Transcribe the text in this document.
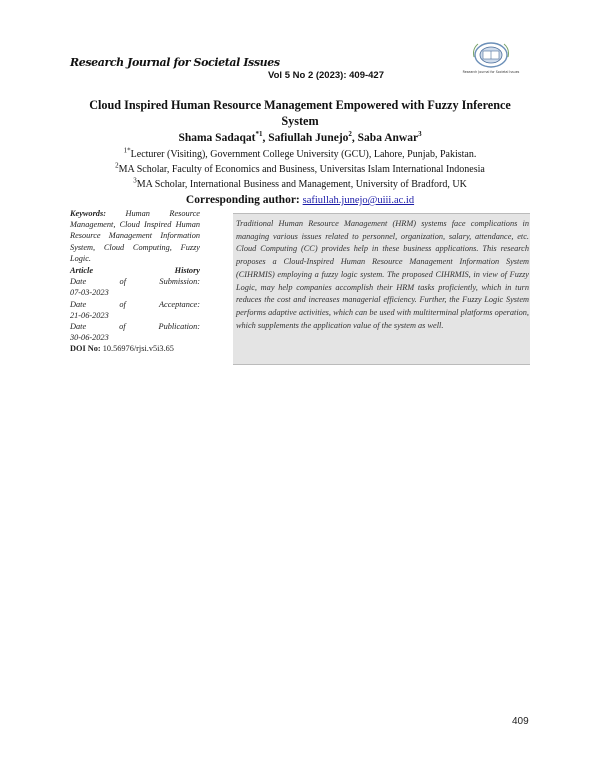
Research Journal for Societal Issues
Vol 5 No 2 (2023): 409-427	Research Journal for Societal Issues
Cloud Inspired Human Resource Management Empowered with Fuzzy Inference System
Shama Sadaqat$^{*1}$, Safiullah Junejo$^2$, Saba Anwar$^3$
$^{1*}$Lecturer (Visiting), Government College University (GCU), Lahore, Punjab, Pakistan.
$^2$MA Scholar, Faculty of Economics and Business, Universitas Islam International Indonesia
$^3$MA Scholar, International Business and Management, University of Bradford, UK
Corresponding author: safiullah.junejo@uiii.ac.id
Keywords: Human Resource Management, Cloud Inspired Human Resource Management Information System, Cloud Computing, Fuzzy Logic.
Article	History
Date	of	Submission:
07-03-2023
Date	of	Acceptance:
21-06-2023
Date	of	Publication:
30-06-2023
DOI No: 10.56976/rjsi.v5i3.65

Traditional Human Resource Management (HRM) systems face complications in managing various issues related to personnel, organization, salary, attendance, etc. Cloud Computing (CC) provides help in these business applications. This research proposes a Cloud-Inspired Human Resource Management Information System (CIHRMIS) employing a fuzzy logic system. The proposed CIHRMIS, in view of Fuzzy Logic, may help companies accomplish their HRM tasks proficiently, which in turn reduces the cost and increases managerial efficiency. Further, the Fuzzy Logic System performs adaptive activities, which can be used with multiterminal platforms operation, which supplements the application value of the system as well.

409
